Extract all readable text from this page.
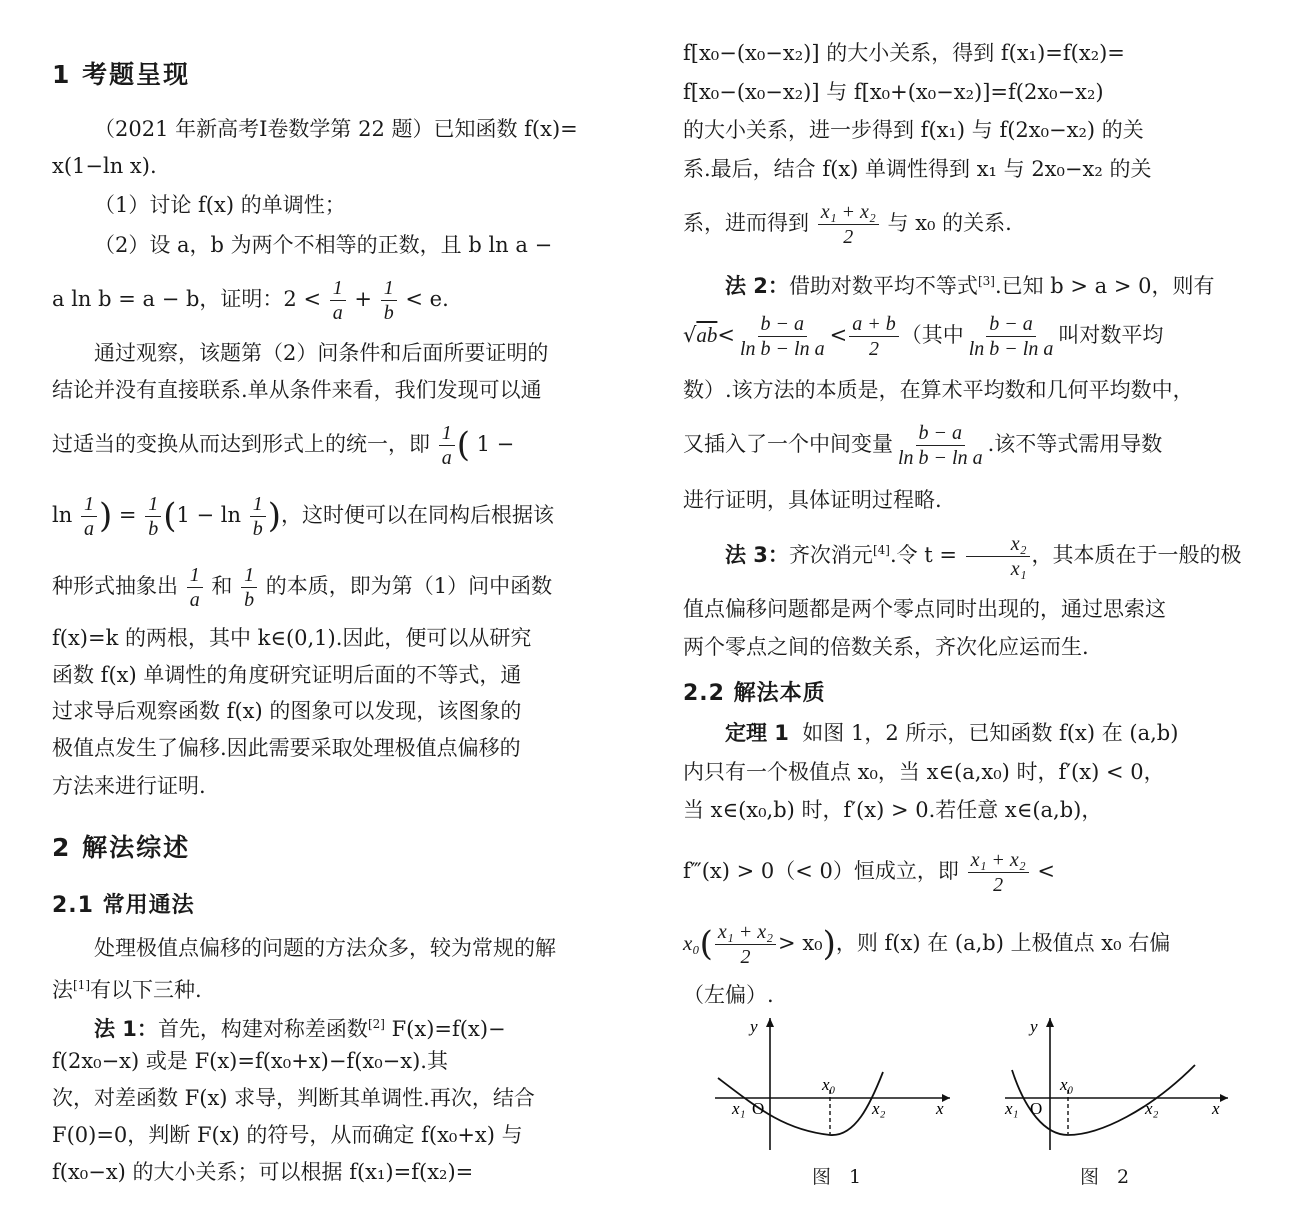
1 考题呈现
（2021 年新高考Ⅰ卷数学第 22 题）已知函数 f(x)=
x(1−ln x).
（1）讨论 f(x) 的单调性；
（2）设 a，b 为两个不相等的正数，且 b ln a −
a ln b = a − b，证明：$2 < \frac{1}{a} + \frac{1}{b} < e$.
通过观察，该题第（2）问条件和后面所要证明的
结论并没有直接联系.单从条件来看，我们发现可以通
过适当的变换从而达到形式上的统一，即 $\frac{1}{a}$ ( 1 −
$\ln \frac{1}{a}$ ) = $\frac{1}{b} (1 - \ln \frac{1}{b}$ )，这时便可以在同构后根据该
种形式抽象出 $\frac{1}{a}$ 和 $\frac{1}{b}$ 的本质，即为第（1）问中函数
f(x)=k 的两根，其中 k∈(0,1).因此，便可以从研究
函数 f(x) 单调性的角度研究证明后面的不等式，通
过求导后观察函数 f(x) 的图象可以发现，该图象的
极值点发生了偏移.因此需要采取处理极值点偏移的
方法来进行证明.
2 解法综述
2.1 常用通法
处理极值点偏移的问题的方法众多，较为常规的解
法[1]有以下三种.
法 1：首先，构建对称差函数[2] F(x)=f(x)−
f(2x₀−x) 或是 F(x)=f(x₀+x)−f(x₀−x).其
次，对差函数 F(x) 求导，判断其单调性.再次，结合
F(0)=0，判断 F(x) 的符号，从而确定 f(x₀+x) 与
f(x₀−x) 的大小关系；可以根据 f(x₁)=f(x₂)=
f[x₀−(x₀−x₂)] 的大小关系，得到 f(x₁)=f(x₂)=
f[x₀−(x₀−x₂)] 与 f[x₀+(x₀−x₂)]=f(2x₀−x₂)
的大小关系，进一步得到 f(x₁) 与 f(2x₀−x₂) 的关
系.最后，结合 f(x) 单调性得到 x₁ 与 2x₀−x₂ 的关
系，进而得到 $\frac{\text{x₁ + x₂}}{2}$ 与 x₀ 的关系.
法 2：借助对数平均不等式[3].已知 b > a > 0，则有
$√ab< \frac{b - a}{\text{ln b − ln a}} < \frac{a + b}{2}$ （其中 $\frac{b - a}{\text{ln b − ln a}}$ 叫对数平均
数）.该方法的本质是，在算术平均数和几何平均数中，
又插入了一个中间变量 $\frac{b - a}{\text{ln b − ln a}}$ .该不等式需用导数
进行证明，具体证明过程略.
法 3：齐次消元[4].令 $t = \frac{\text{x₂}}{\text{x₁}}$ ，其本质在于一般的极
值点偏移问题都是两个零点同时出现的，通过思索这
两个零点之间的倍数关系，齐次化应运而生.
2.2 解法本质
定理 1 如图 1，2 所示，已知函数 f(x) 在 (a,b)
内只有一个极值点 x₀，当 x∈(a,x₀) 时，f′(x) < 0，
当 x∈(x₀,b) 时，f′(x) > 0.若任意 x∈(a,b)，
f‴(x) > 0（< 0）恒成立，即 $\frac{\text{x₁ + x₂}}{2}$ <
$x_0( \frac{\text{x₁ + x₂}}{2} > x_0)$，则 f(x) 在 (a,b) 上极值点 x₀ 右偏
（左偏）.
y
x
O
x₀
x₁	x₂
图 1
y
x
O
x₀
x₁	x₂
图 2
